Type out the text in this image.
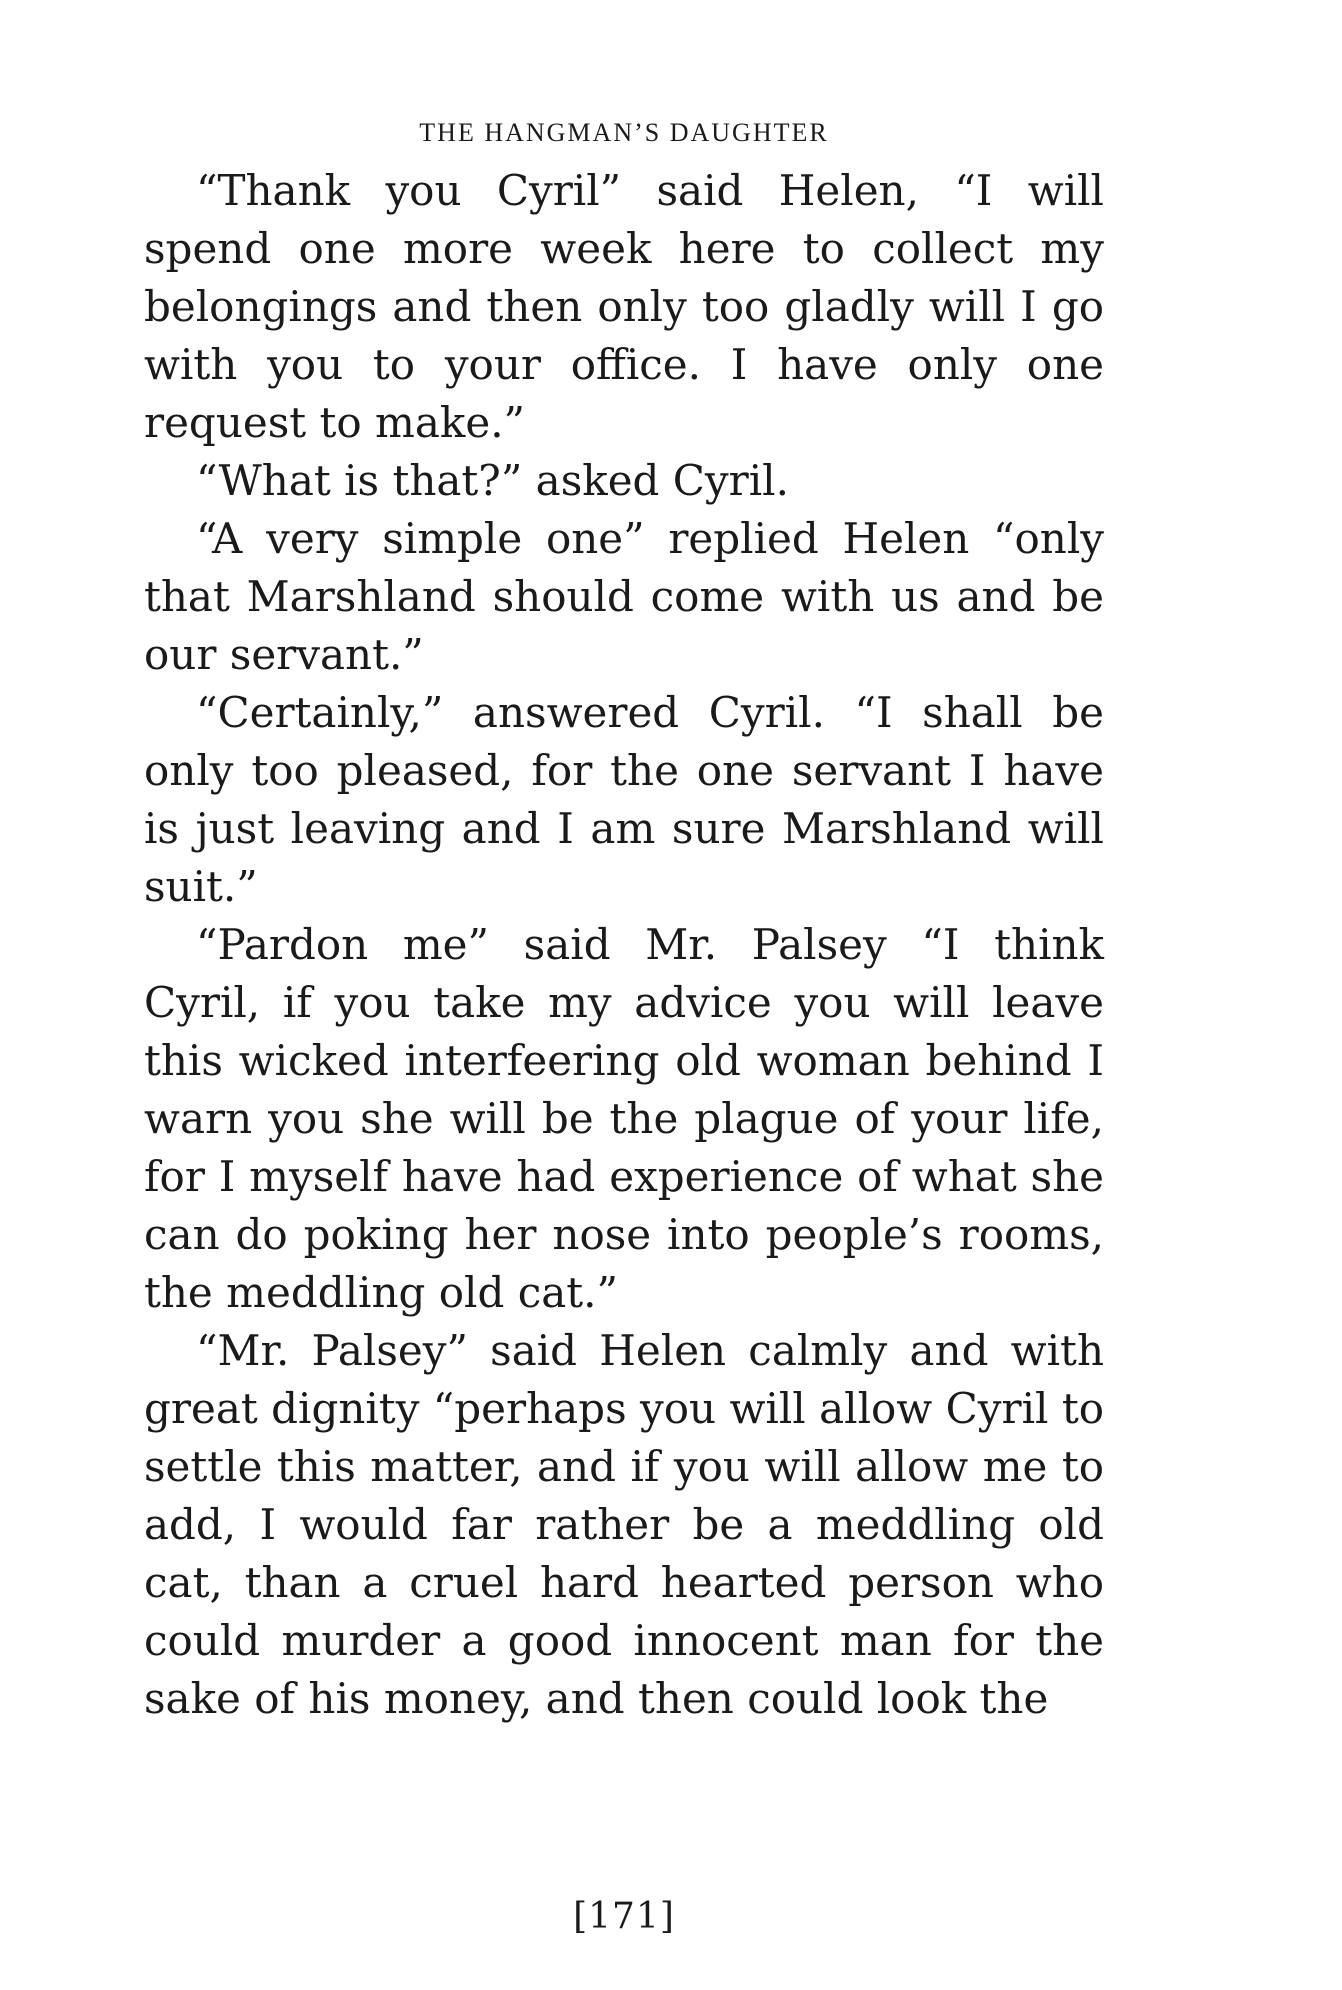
THE HANGMAN’S DAUGHTER

“Thank you Cyril” said Helen, “I will spend one more week here to collect my belongings and then only too gladly will I go with you to your office. I have only one request to make.”

“What is that?” asked Cyril.

“A very simple one” replied Helen “only that Marshland should come with us and be our servant.”

“Certainly,” answered Cyril. “I shall be only too pleased, for the one servant I have is just leaving and I am sure Marshland will suit.”

“Pardon me” said Mr. Palsey “I think Cyril, if you take my advice you will leave this wicked interfeering old woman behind I warn you she will be the plague of your life, for I myself have had experience of what she can do poking her nose into people’s rooms, the meddling old cat.”

“Mr. Palsey” said Helen calmly and with great dignity “perhaps you will allow Cyril to settle this matter, and if you will allow me to add, I would far rather be a meddling old cat, than a cruel hard hearted person who could murder a good innocent man for the sake of his money, and then could look the

[171]
